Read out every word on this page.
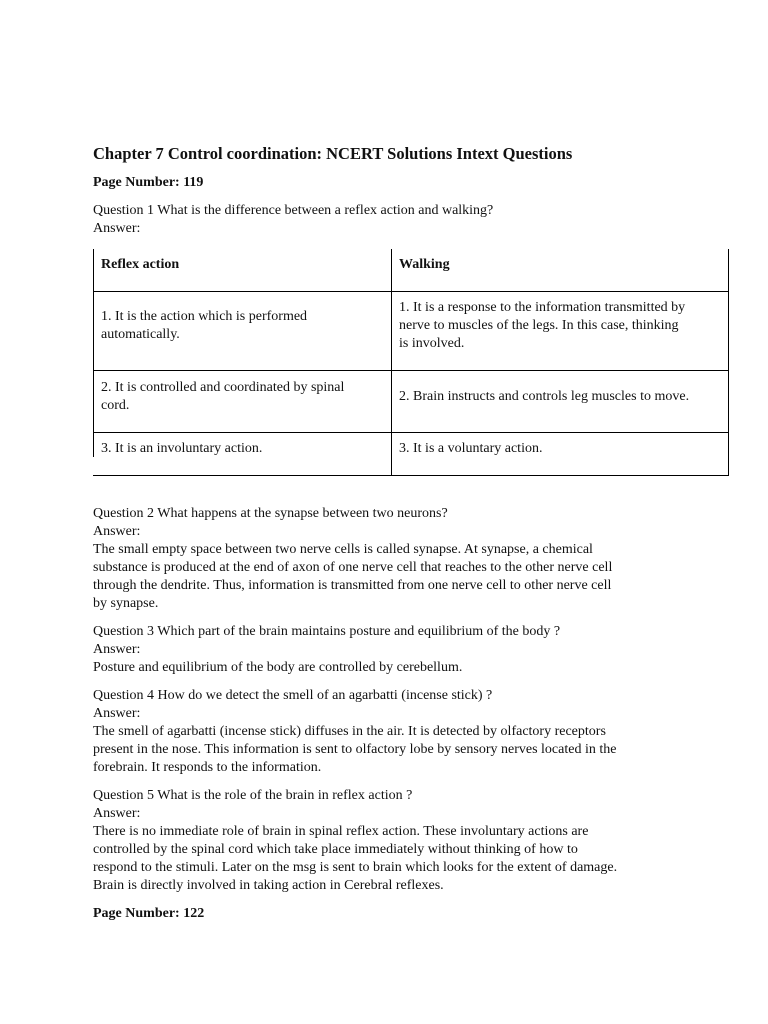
Chapter 7 Control coordination: NCERT Solutions Intext Questions
Page Number: 119
Question 1 What is the difference between a reflex action and walking?
Answer:
Reflex action	Walking
1. It is the action which is performed
automatically.
1. It is a response to the information transmitted by
nerve to muscles of the legs. In this case, thinking
is involved.
2. It is controlled and coordinated by spinal
cord.
2. Brain instructs and controls leg muscles to move.
3. It is an involuntary action.	3. It is a voluntary action.
Question 2 What happens at the synapse between two neurons?
Answer:
The small empty space between two nerve cells is called synapse. At synapse, a chemical
substance is produced at the end of axon of one nerve cell that reaches to the other nerve cell
through the dendrite. Thus, information is transmitted from one nerve cell to other nerve cell
by synapse.
Question 3 Which part of the brain maintains posture and equilibrium of the body ?
Answer:
Posture and equilibrium of the body are controlled by cerebellum.
Question 4 How do we detect the smell of an agarbatti (incense stick) ?
Answer:
The smell of agarbatti (incense stick) diffuses in the air. It is detected by olfactory receptors
present in the nose. This information is sent to olfactory lobe by sensory nerves located in the
forebrain. It responds to the information.
Question 5 What is the role of the brain in reflex action ?
Answer:
There is no immediate role of brain in spinal reflex action. These involuntary actions are
controlled by the spinal cord which take place immediately without thinking of how to
respond to the stimuli. Later on the msg is sent to brain which looks for the extent of damage.
Brain is directly involved in taking action in Cerebral reflexes.
Page Number: 122
